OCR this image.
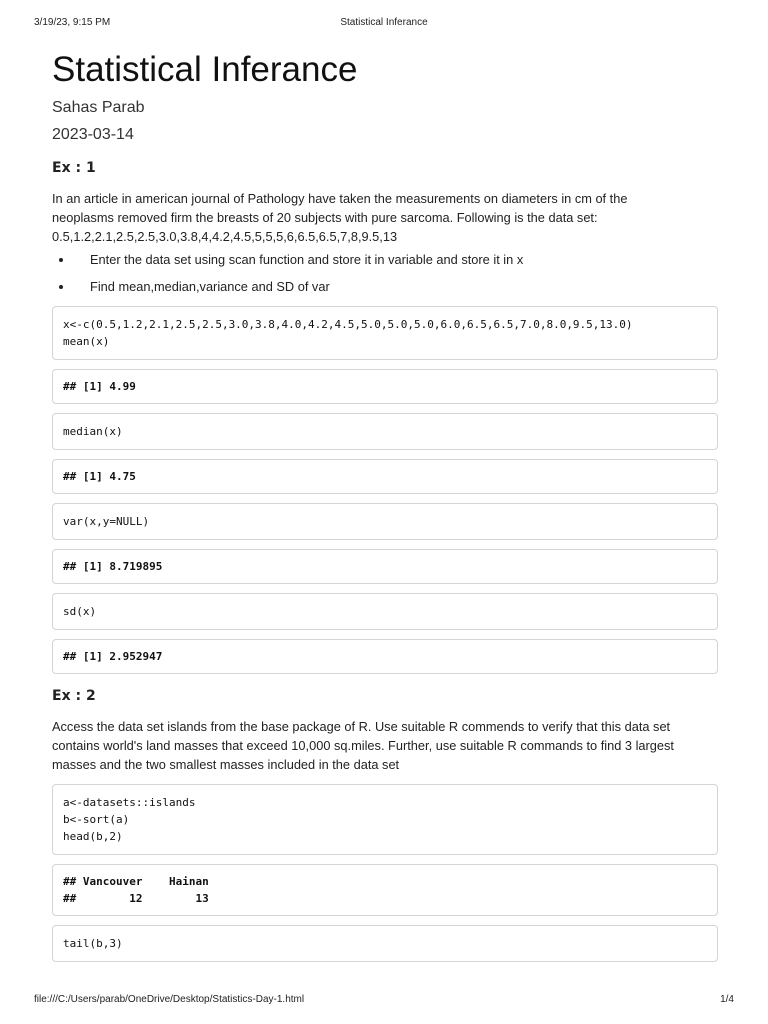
3/19/23, 9:15 PM	Statistical Inferance
Statistical Inferance
Sahas Parab
2023-03-14
Ex : 1

In an article in american journal of Pathology have taken the measurements on diameters in cm of the
neoplasms removed firm the breasts of 20 subjects with pure sarcoma. Following is the data set:
0.5,1.2,2.1,2.5,2.5,3.0,3.8,4,4.2,4.5,5,5,5,6,6.5,6.5,7,8,9.5,13

• Enter the data set using scan function and store it in variable and store it in x
• Find mean,median,variance and SD of var
x<-c(0.5,1.2,2.1,2.5,2.5,3.0,3.8,4.0,4.2,4.5,5.0,5.0,5.0,6.0,6.5,6.5,7.0,8.0,9.5,13.0)
mean(x)
## [1] 4.99
median(x)
## [1] 4.75
var(x,y=NULL)
## [1] 8.719895
sd(x)
## [1] 2.952947
Ex : 2

Access the data set islands from the base package of R. Use suitable R commends to verify that this data set
contains world's land masses that exceed 10,000 sq.miles. Further, use suitable R commands to find 3 largest
masses and the two smallest masses included in the data set

a<-datasets::islands
b<-sort(a)
head(b,2)
## Vancouver    Hainan
##        12        13
tail(b,3)
file:///C:/Users/parab/OneDrive/Desktop/Statistics-Day-1.html	1/4
